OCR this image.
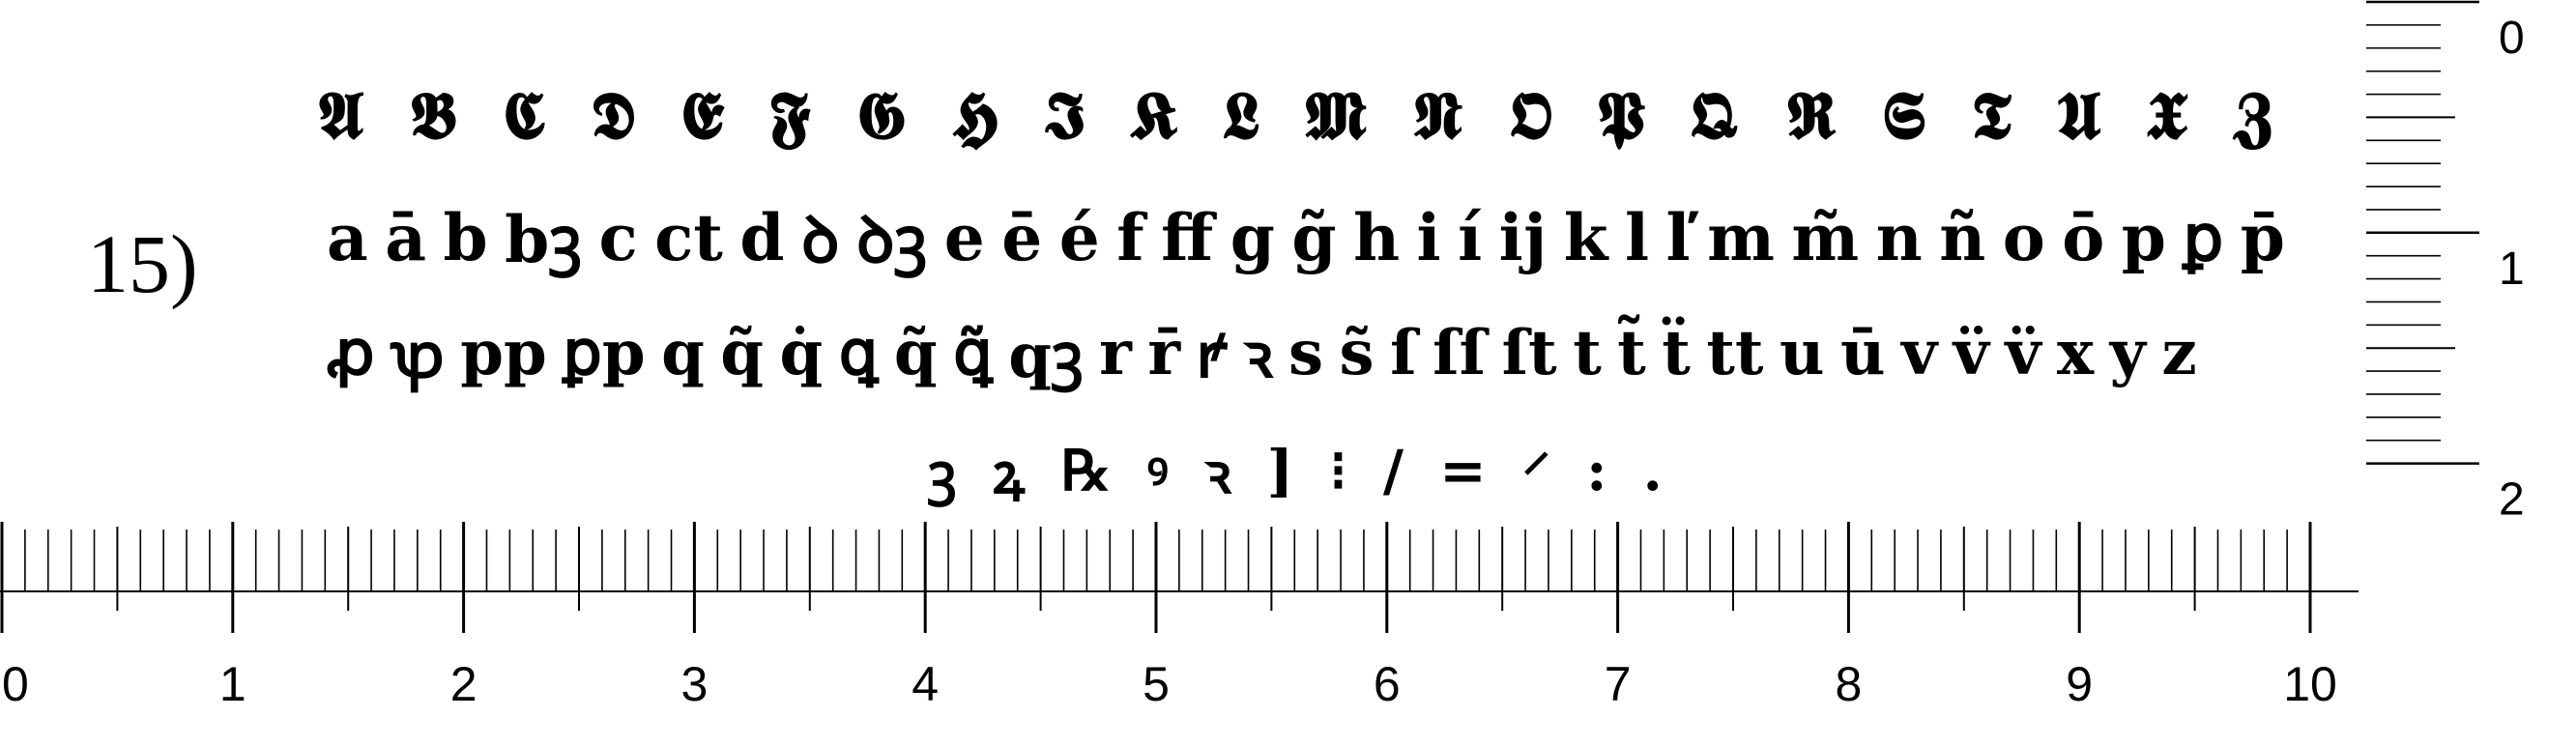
15)
𝕬 𝕭 𝕮 𝕯 𝕰 𝕱 𝕲 𝕳 𝕴 𝕶 𝕷 𝕸 𝕹 𝕺 𝕻 𝕼 𝕽 𝕾 𝕿 𝖀 𝖃 𝖅
a ā b bꝫ c ct d ꝺ ꝺꝫ e ē é f ff g g̃ h i í ĳ k l ľ m m̃ n ñ o ō p ꝑ p̄
ꝓ ꝕ pp ꝑp q q̃ q̇ ꝗ q̃ ꝗ̃ qꝫ r r̄ ꝵ ꝛ s s̃ ſ ſſ ſt t t̃ ẗ tt u ū v v̈ v̈ x y z
ꝫ ꝝ ℞ ꝰ ꝛ ] ⁝ / = ⸍ : .
0	1	2	3	4	5	6	7	8	9	10
0
1
2
